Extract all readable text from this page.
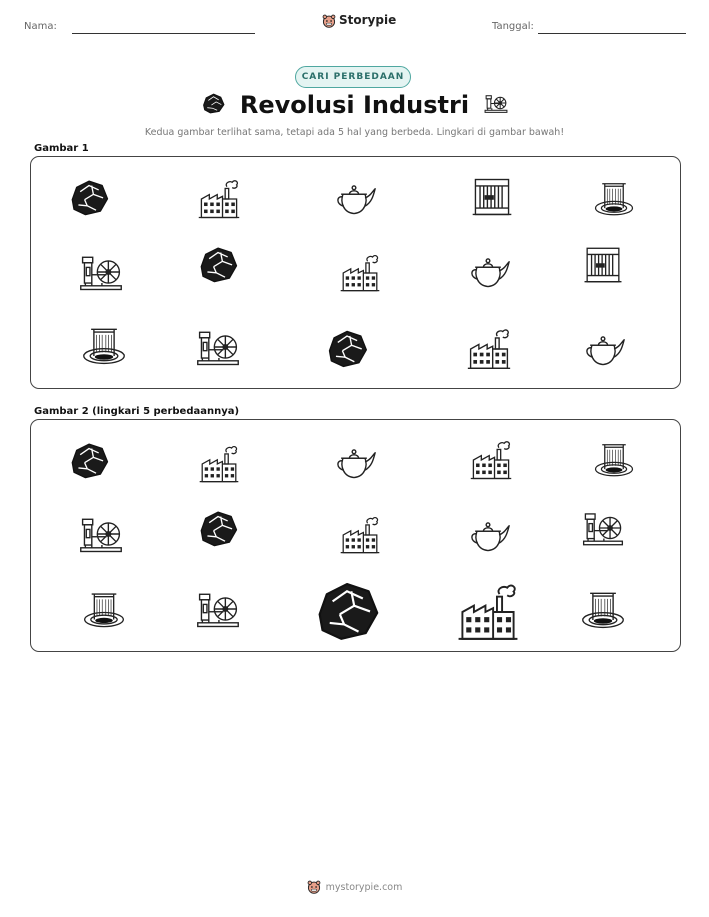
Nama:	Storypie	Tanggal:
CARI PERBEDAAN
Revolusi Industri
Kedua gambar terlihat sama, tetapi ada 5 hal yang berbeda. Lingkari di gambar bawah!
Gambar 1
Gambar 2 (lingkari 5 perbedaannya)
mystorypie.com
